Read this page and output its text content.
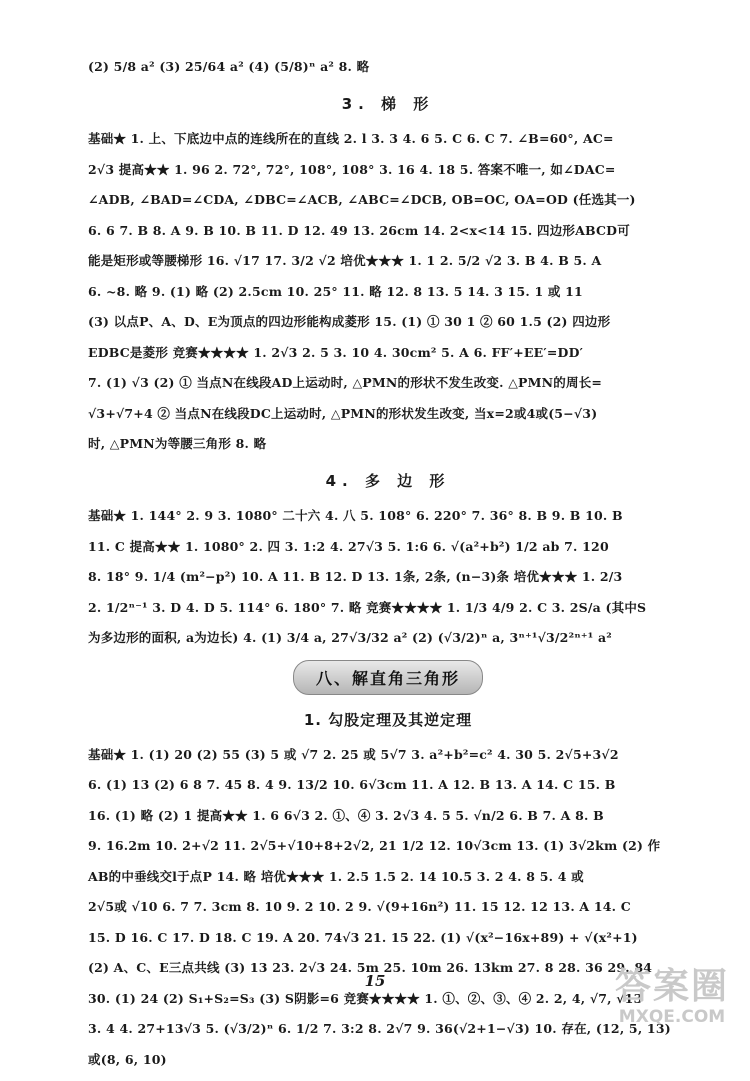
(2) 5/8 a² (3) 25/64 a² (4) (5/8)ⁿ a² 8. 略
3. 梯 形
基础★ 1. 上、下底边中点的连线所在的直线 2. l 3. 3 4. 6 5. C 6. C 7. ∠B=60°, AC=
2√3 提高★★ 1. 96 2. 72°, 72°, 108°, 108° 3. 16 4. 18 5. 答案不唯一, 如∠DAC=
∠ADB, ∠BAD=∠CDA, ∠DBC=∠ACB, ∠ABC=∠DCB, OB=OC, OA=OD (任选其一)
6. 6 7. B 8. A 9. B 10. B 11. D 12. 49 13. 26cm 14. 2<x<14 15. 四边形ABCD可
能是矩形或等腰梯形 16. √17 17. 3/2 √2 培优★★★ 1. 1 2. 5/2 √2 3. B 4. B 5. A
6. ~8. 略 9. (1) 略 (2) 2.5cm 10. 25° 11. 略 12. 8 13. 5 14. 3 15. 1 或 11
(3) 以点P、A、D、E为顶点的四边形能构成菱形 15. (1) ① 30 1 ② 60 1.5 (2) 四边形
EDBC是菱形 竞赛★★★★ 1. 2√3 2. 5 3. 10 4. 30cm² 5. A 6. FF′+EE′=DD′
7. (1) √3 (2) ① 当点N在线段AD上运动时, △PMN的形状不发生改变. △PMN的周长=
√3+√7+4 ② 当点N在线段DC上运动时, △PMN的形状发生改变, 当x=2或4或(5−√3)
时, △PMN为等腰三角形 8. 略
4. 多 边 形
基础★ 1. 144° 2. 9 3. 1080° 二十六 4. 八 5. 108° 6. 220° 7. 36° 8. B 9. B 10. B
11. C 提高★★ 1. 1080° 2. 四 3. 1:2 4. 27√3 5. 1:6 6. √(a²+b²) 1/2 ab 7. 120
8. 18° 9. 1/4 (m²−p²) 10. A 11. B 12. D 13. 1条, 2条, (n−3)条 培优★★★ 1. 2/3
2. 1/2ⁿ⁻¹ 3. D 4. D 5. 114° 6. 180° 7. 略 竞赛★★★★ 1. 1/3 4/9 2. C 3. 2S/a (其中S
为多边形的面积, a为边长) 4. (1) 3/4 a, 27√3/32 a² (2) (√3/2)ⁿ a, 3ⁿ⁺¹√3/2²ⁿ⁺¹ a²
八、解直角三角形
1. 勾股定理及其逆定理
基础★ 1. (1) 20 (2) 55 (3) 5 或 √7 2. 25 或 5√7 3. a²+b²=c² 4. 30 5. 2√5+3√2
6. (1) 13 (2) 6 8 7. 45 8. 4 9. 13/2 10. 6√3cm 11. A 12. B 13. A 14. C 15. B
16. (1) 略 (2) 1 提高★★ 1. 6 6√3 2. ①、④ 3. 2√3 4. 5 5. √n/2 6. B 7. A 8. B
9. 16.2m 10. 2+√2 11. 2√5+√10+8+2√2, 21 1/2 12. 10√3cm 13. (1) 3√2km (2) 作
AB的中垂线交l于点P 14. 略 培优★★★ 1. 2.5 1.5 2. 14 10.5 3. 2 4. 8 5. 4 或
2√5或 √10 6. 7 7. 3cm 8. 10 9. 2 10. 2 9. √(9+16n²) 11. 15 12. 12 13. A 14. C
15. D 16. C 17. D 18. C 19. A 20. 74√3 21. 15 22. (1) √(x²−16x+89) + √(x²+1)
(2) A、C、E三点共线 (3) 13 23. 2√3 24. 5m 25. 10m 26. 13km 27. 8 28. 36 29. 84
30. (1) 24 (2) S₁+S₂=S₃ (3) S阴影=6 竞赛★★★★ 1. ①、②、③、④ 2. 2, 4, √7, √13
3. 4 4. 27+13√3 5. (√3/2)ⁿ 6. 1/2 7. 3:2 8. 2√7 9. 36(√2+1−√3) 10. 存在, (12, 5, 13)
或(8, 6, 10)
15	答案圈
MXQE.COM
